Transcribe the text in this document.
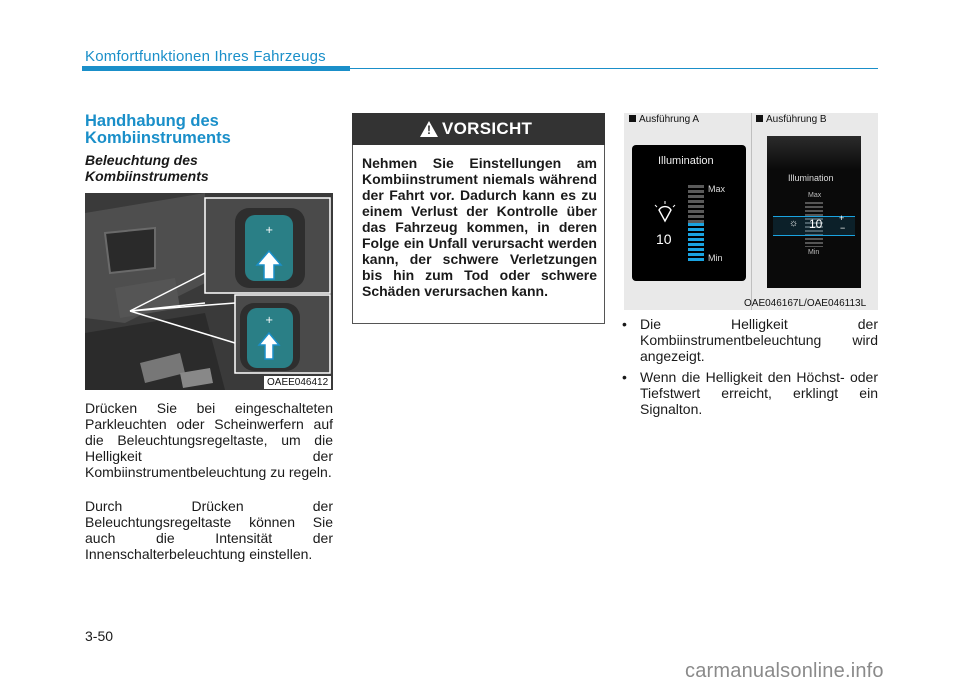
Komfortfunktionen Ihres Fahrzeugs
Handhabung des
Kombiinstruments
Beleuchtung des
Kombiinstruments
+
+
OAEE046412
Drücken Sie bei eingeschalteten Parkleuchten oder Scheinwerfern auf die Beleuchtungsregeltaste, um die Helligkeit der Kombiinstrumentbeleuchtung zu regeln.
Durch Drücken der Beleuchtungsregeltaste können Sie auch die Intensität der Innenschalterbeleuchtung einstellen.
!
VORSICHT
Nehmen Sie Einstellungen am Kombiinstrument niemals während der Fahrt vor. Dadurch kann es zu einem Verlust der Kontrolle über das Fahrzeug kommen, in deren Folge ein Unfall verursacht werden kann, der schwere Verletzungen bis hin zum Tod oder schwere Schäden verursachen kann.
Ausführung A	Ausführung B
Illumination
Max
Min
10
Illumination
Max
Min
10
☼	+
−
OAE046167L/OAE046113L
• Die Helligkeit der Kombiinstrumentbeleuchtung wird angezeigt.
• Wenn die Helligkeit den Höchst- oder Tiefstwert erreicht, erklingt ein Signalton.
3-50
carmanualsonline.info
